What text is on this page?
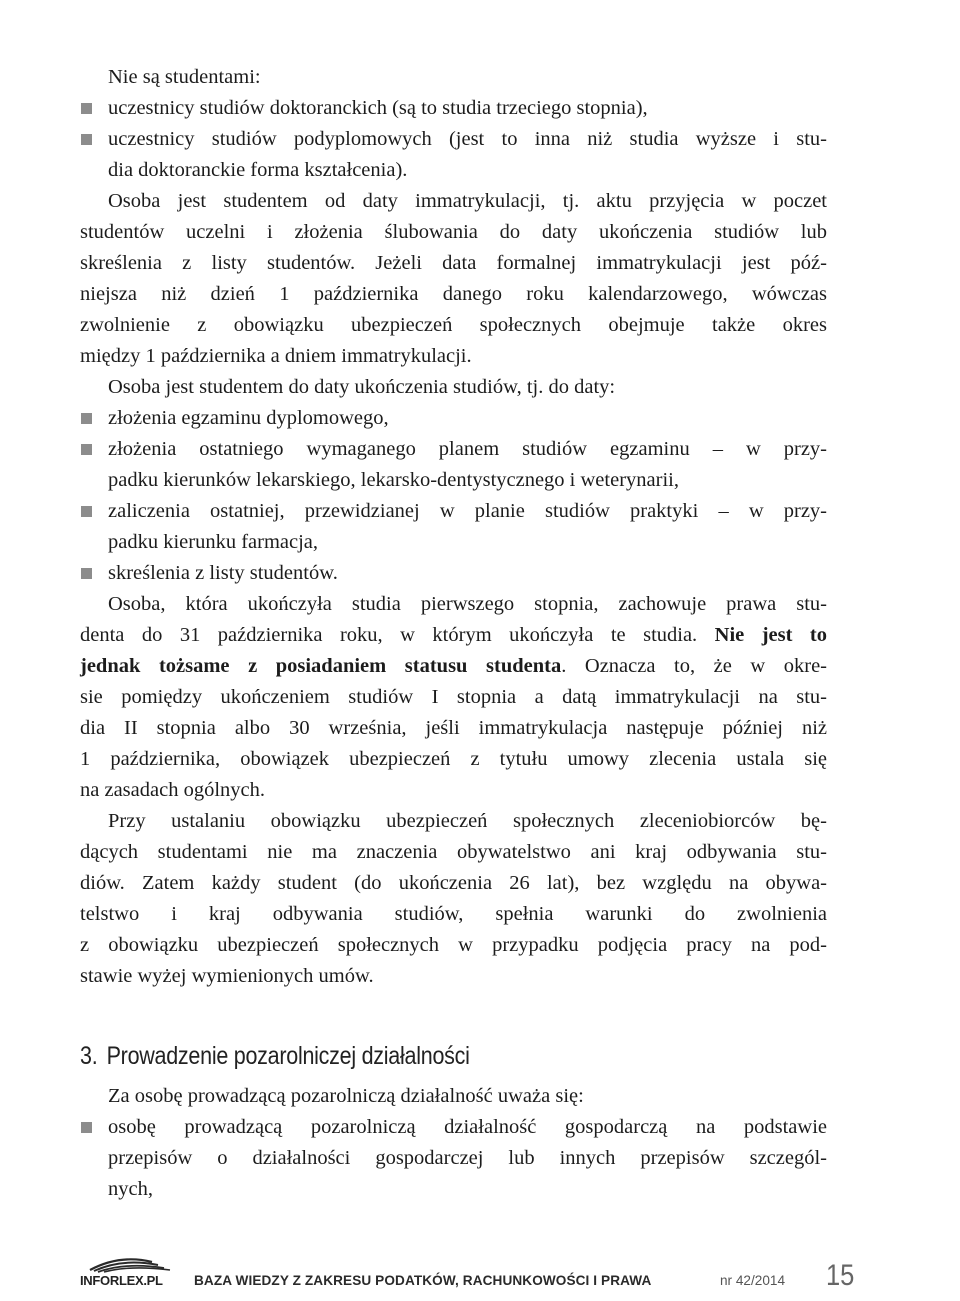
Nie są studentami:
uczestnicy studiów doktoranckich (są to studia trzeciego stopnia),
uczestnicy studiów podyplomowych (jest to inna niż studia wyższe i stu-
dia doktoranckie forma kształcenia).
Osoba jest studentem od daty immatrykulacji, tj. aktu przyjęcia w poczet
studentów uczelni i złożenia ślubowania do daty ukończenia studiów lub
skreślenia z listy studentów. Jeżeli data formalnej immatrykulacji jest póź-
niejsza niż dzień 1 października danego roku kalendarzowego, wówczas
zwolnienie z obowiązku ubezpieczeń społecznych obejmuje także okres
między 1 października a dniem immatrykulacji.
Osoba jest studentem do daty ukończenia studiów, tj. do daty:
złożenia egzaminu dyplomowego,
złożenia ostatniego wymaganego planem studiów egzaminu – w przy-
padku kierunków lekarskiego, lekarsko-dentystycznego i weterynarii,
zaliczenia ostatniej, przewidzianej w planie studiów praktyki – w przy-
padku kierunku farmacja,
skreślenia z listy studentów.
Osoba, która ukończyła studia pierwszego stopnia, zachowuje prawa stu-
denta do 31 października roku, w którym ukończyła te studia. Nie jest to
jednak tożsame z posiadaniem statusu studenta. Oznacza to, że w okre-
sie pomiędzy ukończeniem studiów I stopnia a datą immatrykulacji na stu-
dia II stopnia albo 30 września, jeśli immatrykulacja następuje później niż
1 października, obowiązek ubezpieczeń z tytułu umowy zlecenia ustala się
na zasadach ogólnych.
Przy ustalaniu obowiązku ubezpieczeń społecznych zleceniobiorców bę-
dących studentami nie ma znaczenia obywatelstwo ani kraj odbywania stu-
diów. Zatem każdy student (do ukończenia 26 lat), bez względu na obywa-
telstwo i kraj odbywania studiów, spełnia warunki do zwolnienia
z obowiązku ubezpieczeń społecznych w przypadku podjęcia pracy na pod-
stawie wyżej wymienionych umów.
3. Prowadzenie pozarolniczej działalności
Za osobę prowadzącą pozarolniczą działalność uważa się:
osobę prowadzącą pozarolniczą działalność gospodarczą na podstawie
przepisów o działalności gospodarczej lub innych przepisów szczegól-
nych,
INFORLEX.PL BAZA WIEDZY Z ZAKRESU PODATKÓW, RACHUNKOWOŚCI I PRAWA	nr 42/2014 15
